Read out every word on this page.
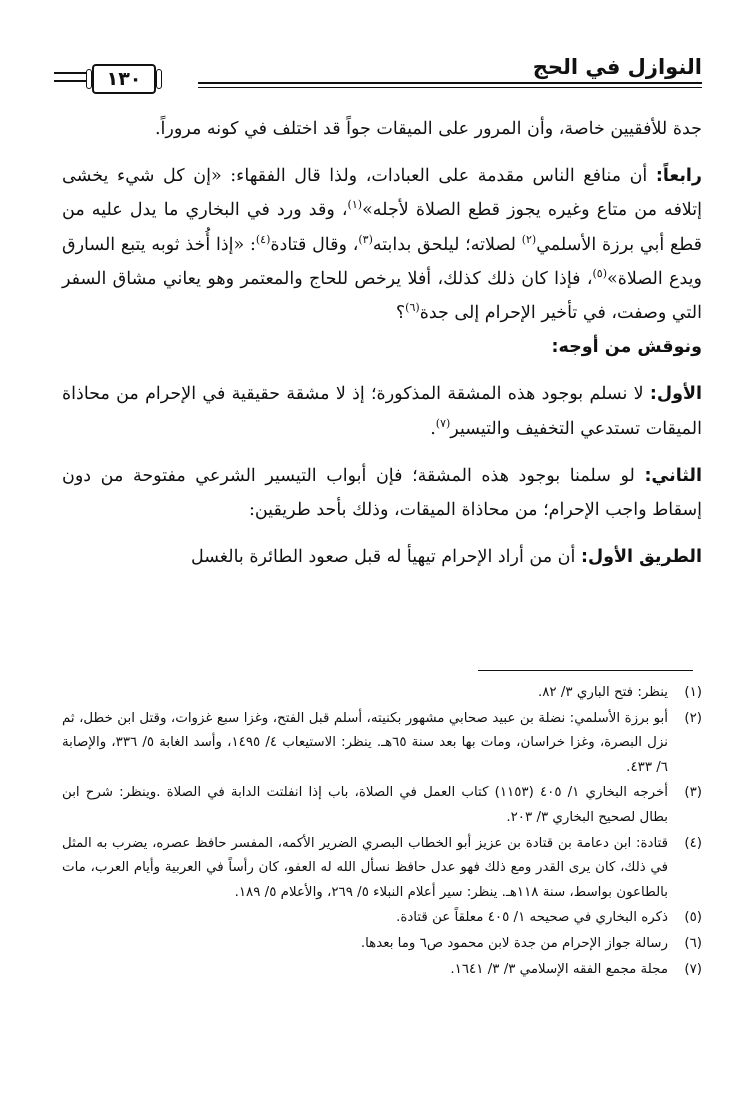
النوازل في الحج
١٣٠

جدة للأفقيين خاصة، وأن المرور على الميقات جواً قد اختلف في كونه مروراً.

رابعاً: أن منافع الناس مقدمة على العبادات، ولذا قال الفقهاء: «إن كل شيء يخشى إتلافه من متاع وغيره يجوز قطع الصلاة لأجله»$^{(١)}$، وقد ورد في البخاري ما يدل عليه من قطع أبي برزة الأسلمي$^{(٢)}$ لصلاته؛ ليلحق بدابته$^{(٣)}$، وقال قتادة$^{(٤)}$: «إذا أُخذ ثوبه يتبع السارق ويدع الصلاة»$^{(٥)}$، فإذا كان ذلك كذلك، أفلا يرخص للحاج والمعتمر وهو يعاني مشاق السفر التي وصفت، في تأخير الإحرام إلى جدة$^{(٦)}$؟

ونوقش من أوجه:

الأول: لا نسلم بوجود هذه المشقة المذكورة؛ إذ لا مشقة حقيقية في الإحرام من محاذاة الميقات تستدعي التخفيف والتيسير$^{(٧)}$.

الثاني: لو سلمنا بوجود هذه المشقة؛ فإن أبواب التيسير الشرعي مفتوحة من دون إسقاط واجب الإحرام؛ من محاذاة الميقات، وذلك بأحد طريقين:

الطريق الأول: أن من أراد الإحرام تيهيأ له قبل صعود الطائرة بالغسل

(١)
ينظر: فتح الباري ٣/ ٨٢.
(٢)
أبو برزة الأسلمي: نضلة بن عبيد صحابي مشهور بكنيته، أسلم قبل الفتح، وغزا سبع غزوات، وقتل ابن خطل، ثم نزل البصرة، وغزا خراسان، ومات بها بعد سنة ٦٥هـ. ينظر: الاستيعاب ٤/ ١٤٩٥، وأسد الغابة ٥/ ٣٣٦، والإصابة ٦/ ٤٣٣.
(٣)
أخرجه البخاري ١/ ٤٠٥ (١١٥٣) كتاب العمل في الصلاة، باب إذا انفلتت الدابة في الصلاة .وينظر: شرح ابن بطال لصحيح البخاري ٣/ ٢٠٣.
(٤)
قتادة: ابن دعامة بن قتادة بن عزيز أبو الخطاب البصري الضرير الأكمه، المفسر حافظ عصره، يضرب به المثل في ذلك، كان يرى القدر ومع ذلك فهو عدل حافظ نسأل الله له العفو، كان رأساً في العربية وأيام العرب، مات بالطاعون بواسط، سنة ١١٨هـ. ينظر: سير أعلام النبلاء ٥/ ٢٦٩، والأعلام ٥/ ١٨٩.
(٥)
ذكره البخاري في صحيحه ١/ ٤٠٥ معلقاً عن قتادة.
(٦)
رسالة جواز الإحرام من جدة لابن محمود ص٦ وما بعدها.
(٧)
مجلة مجمع الفقه الإسلامي ٣/ ٣/ ١٦٤١.
